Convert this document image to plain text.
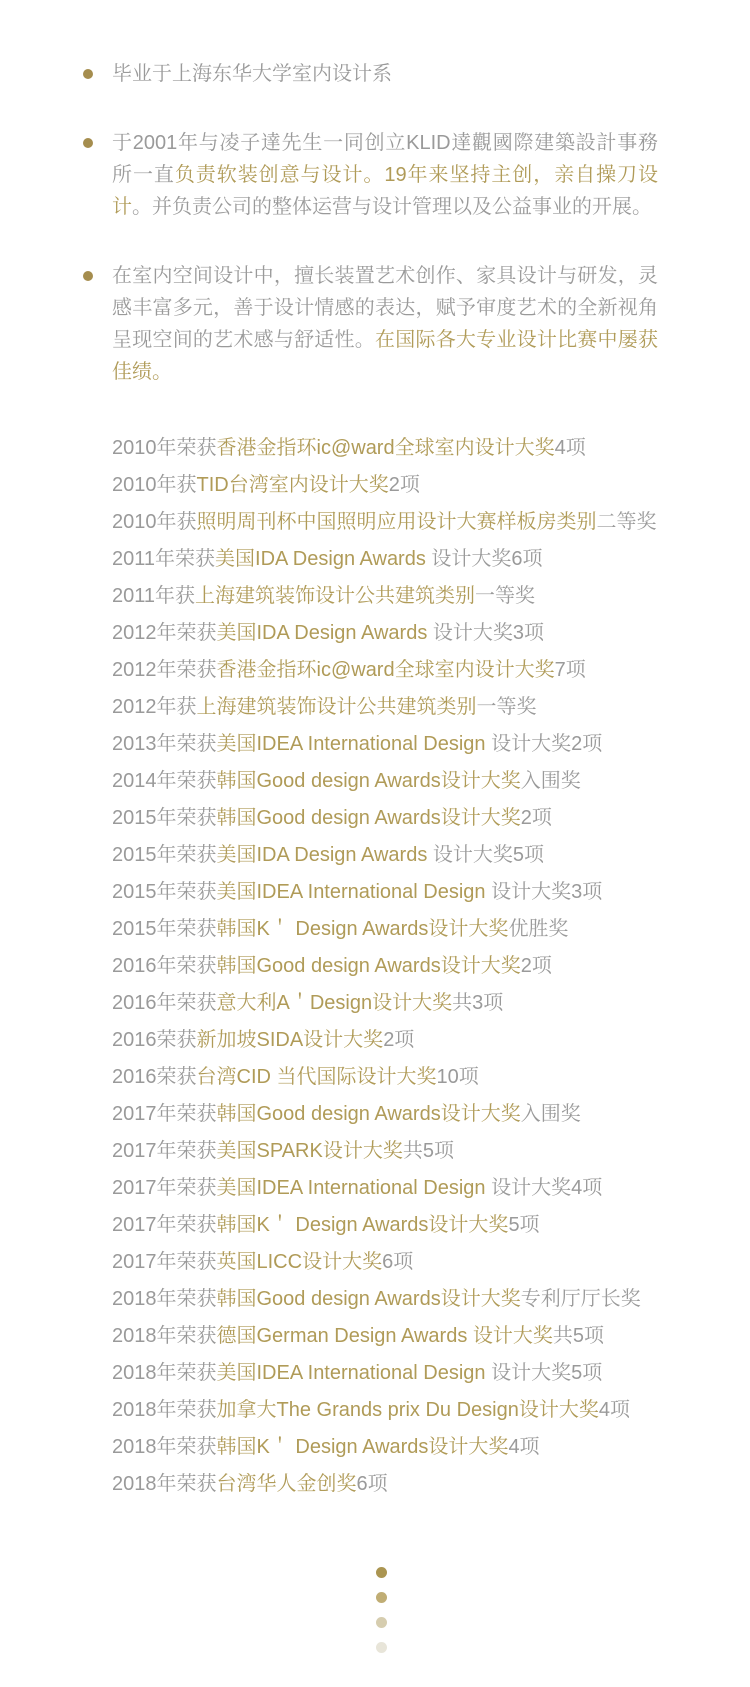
毕业于上海东华大学室内设计系
于2001年与凌子達先生一同创立KLID達觀國際建築設計事務所一直负责软装创意与设计。19年来坚持主创，亲自操刀设计。并负责公司的整体运营与设计管理以及公益事业的开展。
在室内空间设计中，擅长装置艺术创作、家具设计与研发，灵感丰富多元，善于设计情感的表达，赋予审度艺术的全新视角呈现空间的艺术感与舒适性。在国际各大专业设计比赛中屡获佳绩。
2010年荣获香港金指环ic@ward全球室内设计大奖4项
2010年获TID台湾室内设计大奖2项
2010年获照明周刊杯中国照明应用设计大赛样板房类别二等奖
2011年荣获美国IDA Design Awards 设计大奖6项
2011年获上海建筑装饰设计公共建筑类别一等奖
2012年荣获美国IDA Design Awards 设计大奖3项
2012年荣获香港金指环ic@ward全球室内设计大奖7项
2012年获上海建筑装饰设计公共建筑类别一等奖
2013年荣获美国IDEA International Design 设计大奖2项
2014年荣获韩国Good design Awards设计大奖入围奖
2015年荣获韩国Good design Awards设计大奖2项
2015年荣获美国IDA Design Awards 设计大奖5项
2015年荣获美国IDEA International Design 设计大奖3项
2015年荣获韩国K＇ Design Awards设计大奖优胜奖
2016年荣获韩国Good design Awards设计大奖2项
2016年荣获意大利A＇Design设计大奖共3项
2016荣获新加坡SIDA设计大奖2项
2016荣获台湾CID 当代国际设计大奖10项
2017年荣获韩国Good design Awards设计大奖入围奖
2017年荣获美国SPARK设计大奖共5项
2017年荣获美国IDEA International Design 设计大奖4项
2017年荣获韩国K＇ Design Awards设计大奖5项
2017年荣获英国LICC设计大奖6项
2018年荣获韩国Good design Awards设计大奖专利厅厅长奖
2018年荣获德国German Design Awards 设计大奖共5项
2018年荣获美国IDEA International Design 设计大奖5项
2018年荣获加拿大The Grands prix Du Design设计大奖4项
2018年荣获韩国K＇ Design Awards设计大奖4项
2018年荣获台湾华人金创奖6项
